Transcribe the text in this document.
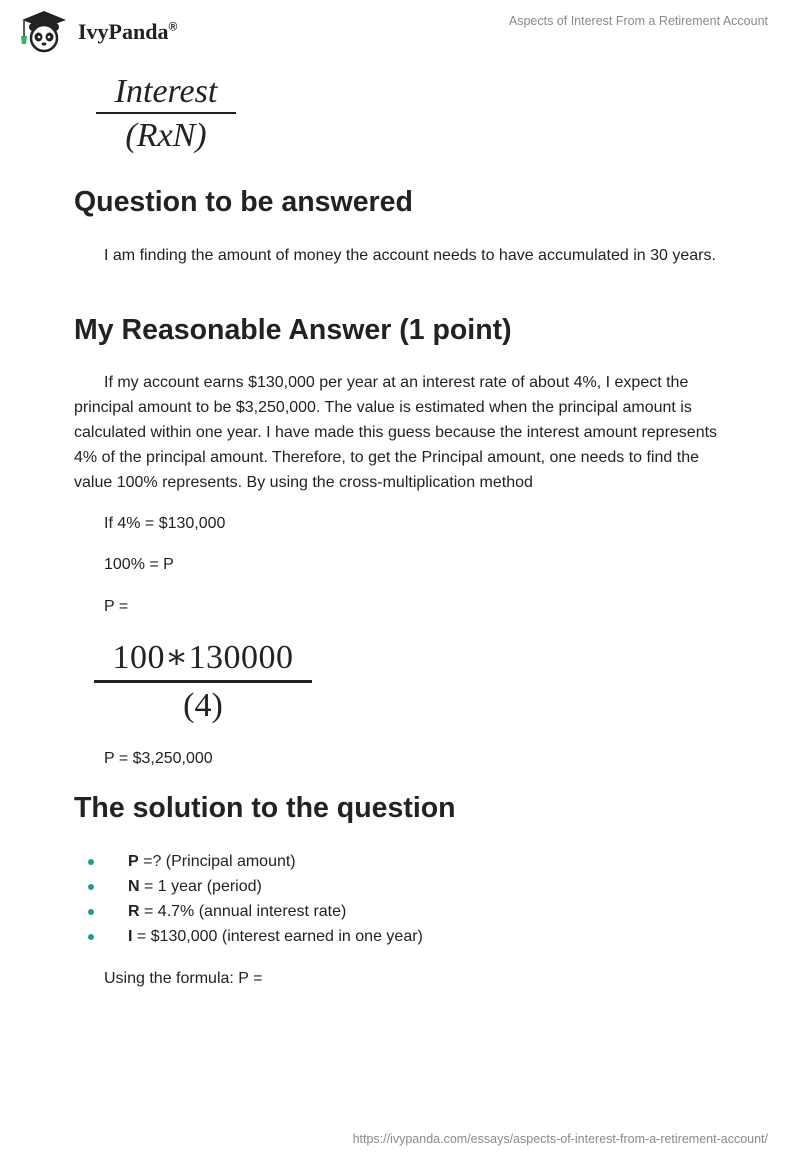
IvyPanda®	Aspects of Interest From a Retirement Account
Interest
(RxN)
Question to be answered

I am finding the amount of money the account needs to have accumulated in 30 years.

My Reasonable Answer (1 point)

If my account earns $130,000 per year at an interest rate of about 4%, I expect the principal amount to be $3,250,000. The value is estimated when the principal amount is calculated within one year. I have made this guess because the interest amount represents 4% of the principal amount. Therefore, to get the Principal amount, one needs to find the value 100% represents. By using the cross-multiplication method

If 4% = $130,000

100% = P

P =

100∗130000
(4)

P = $3,250,000

The solution to the question
P =? (Principal amount)
N = 1 year (period)
R = 4.7% (annual interest rate)
I = $130,000 (interest earned in one year)

Using the formula: P =

https://ivypanda.com/essays/aspects-of-interest-from-a-retirement-account/
